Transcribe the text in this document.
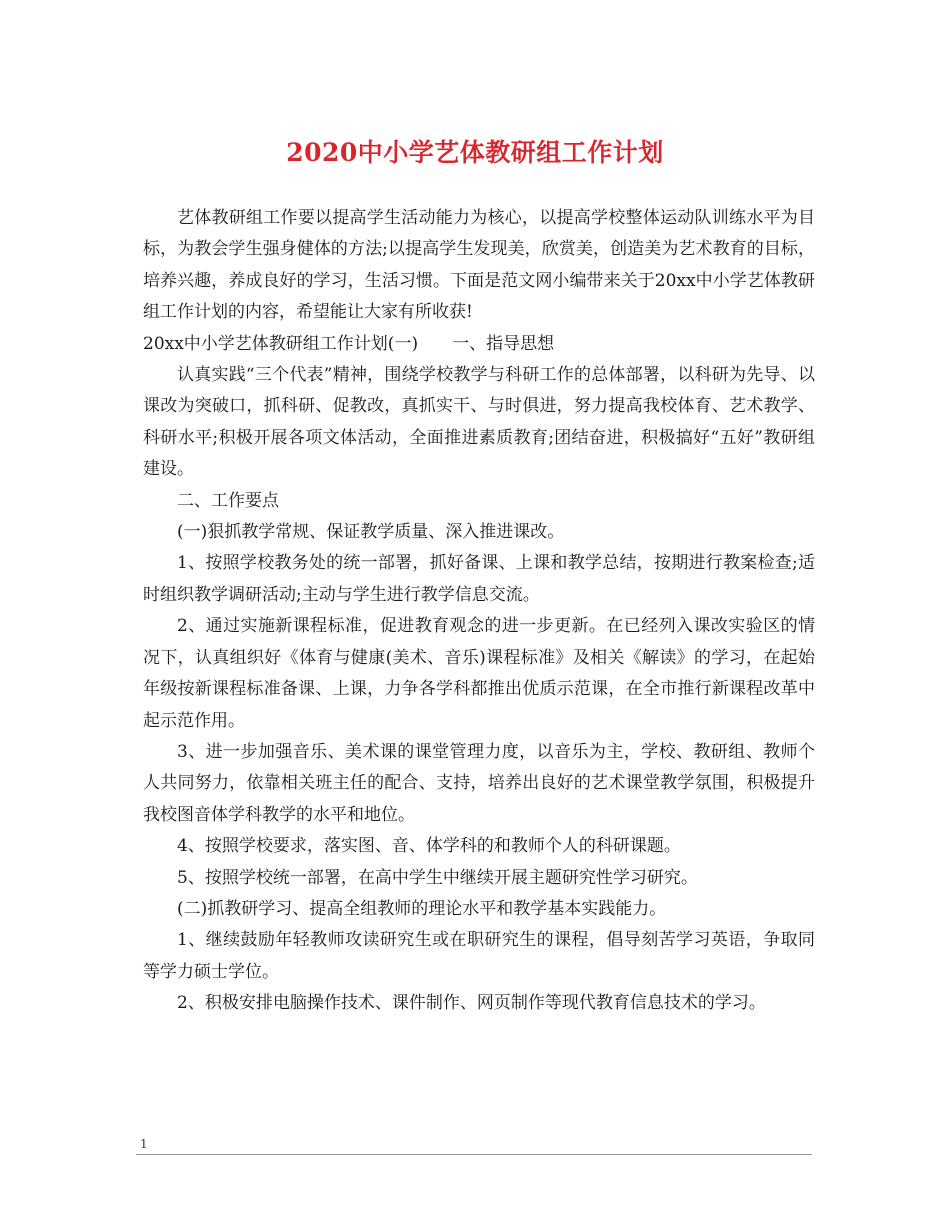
2020中小学艺体教研组工作计划

艺体教研组工作要以提高学生活动能力为核心，以提高学校整体运动队训练水平为目标，为教会学生强身健体的方法;以提高学生发现美，欣赏美，创造美为艺术教育的目标，培养兴趣，养成良好的学习，生活习惯。下面是范文网小编带来关于20xx中小学艺体教研组工作计划的内容，希望能让大家有所收获!

20xx中小学艺体教研组工作计划(一)　　一、指导思想

认真实践“三个代表”精神，围绕学校教学与科研工作的总体部署，以科研为先导、以课改为突破口，抓科研、促教改，真抓实干、与时俱进，努力提高我校体育、艺术教学、科研水平;积极开展各项文体活动，全面推进素质教育;团结奋进，积极搞好“五好”教研组建设。

二、工作要点

(一)狠抓教学常规、保证教学质量、深入推进课改。

1、按照学校教务处的统一部署，抓好备课、上课和教学总结，按期进行教案检查;适时组织教学调研活动;主动与学生进行教学信息交流。

2、通过实施新课程标准，促进教育观念的进一步更新。在已经列入课改实验区的情况下，认真组织好《体育与健康(美术、音乐)课程标准》及相关《解读》的学习，在起始年级按新课程标准备课、上课，力争各学科都推出优质示范课，在全市推行新课程改革中起示范作用。

3、进一步加强音乐、美术课的课堂管理力度，以音乐为主，学校、教研组、教师个人共同努力，依靠相关班主任的配合、支持，培养出良好的艺术课堂教学氛围，积极提升我校图音体学科教学的水平和地位。

4、按照学校要求，落实图、音、体学科的和教师个人的科研课题。

5、按照学校统一部署，在高中学生中继续开展主题研究性学习研究。

(二)抓教研学习、提高全组教师的理论水平和教学基本实践能力。

1、继续鼓励年轻教师攻读研究生或在职研究生的课程，倡导刻苦学习英语，争取同等学力硕士学位。

2、积极安排电脑操作技术、课件制作、网页制作等现代教育信息技术的学习。

1
